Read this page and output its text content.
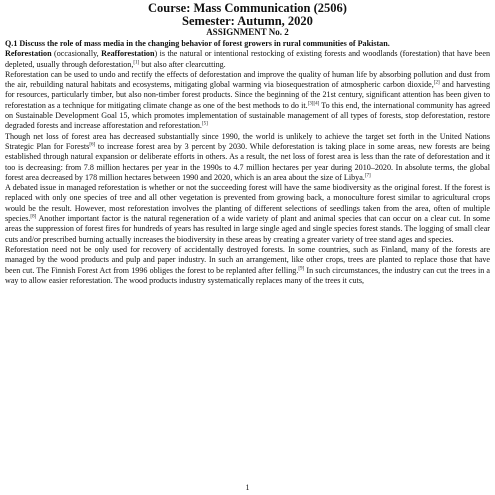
Course: Mass Communication (2506)
Semester: Autumn, 2020
ASSIGNMENT No. 2
Q.1 Discuss the role of mass media in the changing behavior of forest growers in rural communities of Pakistan.

Reforestation (occasionally, Reafforestation) is the natural or intentional restocking of existing forests and woodlands (forestation) that have been depleted, usually through deforestation,[1] but also after clearcutting.

Reforestation can be used to undo and rectify the effects of deforestation and improve the quality of human life by absorbing pollution and dust from the air, rebuilding natural habitats and ecosystems, mitigating global warming via biosequestration of atmospheric carbon dioxide,[2] and harvesting for resources, particularly timber, but also non-timber forest products. Since the beginning of the 21st century, significant attention has been given to reforestation as a technique for mitigating climate change as one of the best methods to do it.[3][4] To this end, the international community has agreed on Sustainable Development Goal 15, which promotes implementation of sustainable management of all types of forests, stop deforestation, restore degraded forests and increase afforestation and reforestation.[5]

Though net loss of forest area has decreased substantially since 1990, the world is unlikely to achieve the target set forth in the United Nations Strategic Plan for Forests[6] to increase forest area by 3 percent by 2030. While deforestation is taking place in some areas, new forests are being established through natural expansion or deliberate efforts in others. As a result, the net loss of forest area is less than the rate of deforestation and it too is decreasing: from 7.8 million hectares per year in the 1990s to 4.7 million hectares per year during 2010–2020. In absolute terms, the global forest area decreased by 178 million hectares between 1990 and 2020, which is an area about the size of Libya.[7]

A debated issue in managed reforestation is whether or not the succeeding forest will have the same biodiversity as the original forest. If the forest is replaced with only one species of tree and all other vegetation is prevented from growing back, a monoculture forest similar to agricultural crops would be the result. However, most reforestation involves the planting of different selections of seedlings taken from the area, often of multiple species.[8] Another important factor is the natural regeneration of a wide variety of plant and animal species that can occur on a clear cut. In some areas the suppression of forest fires for hundreds of years has resulted in large single aged and single species forest stands. The logging of small clear cuts and/or prescribed burning actually increases the biodiversity in these areas by creating a greater variety of tree stand ages and species.

Reforestation need not be only used for recovery of accidentally destroyed forests. In some countries, such as Finland, many of the forests are managed by the wood products and pulp and paper industry. In such an arrangement, like other crops, trees are planted to replace those that have been cut. The Finnish Forest Act from 1996 obliges the forest to be replanted after felling.[9] In such circumstances, the industry can cut the trees in a way to allow easier reforestation. The wood products industry systematically replaces many of the trees it cuts,

1
